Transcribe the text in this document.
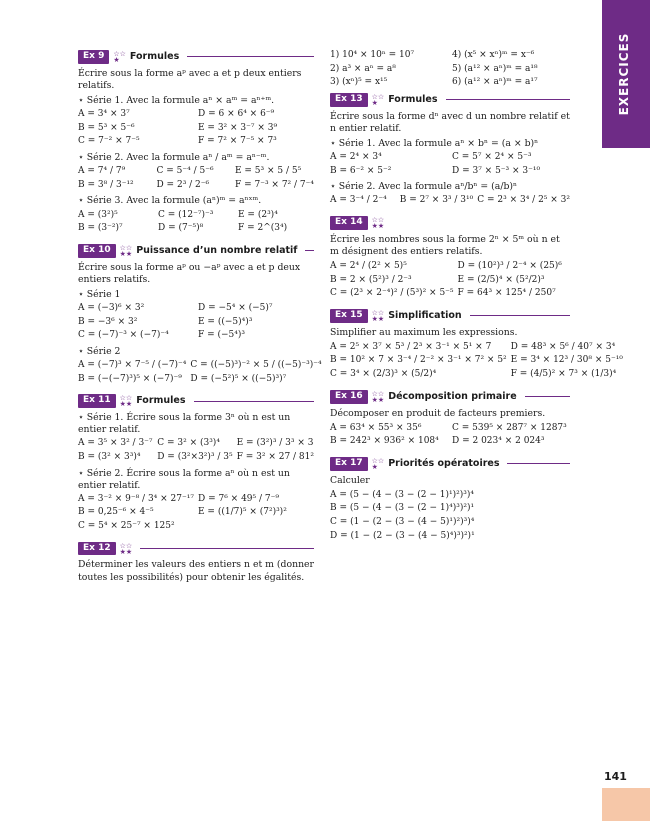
EXERCICES
Ex 9	☆☆
★	Formules
Écrire sous la forme aᵖ avec a et p deux entiers relatifs.
⋆ Série 1. Avec la formule aⁿ × aᵐ = aⁿ⁺ᵐ.
A = 3⁴ × 3⁷	D = 6 × 6⁴ × 6⁻⁹
B = 5³ × 5⁻⁶	E = 3² × 3⁻⁷ × 3⁹
C = 7⁻² × 7⁻⁵	F = 7² × 7⁻⁵ × 7³
⋆ Série 2. Avec la formule aⁿ / aᵐ = aⁿ⁻ᵐ.
A = 7⁴ / 7⁹	C = 5⁻⁴ / 5⁻⁶	E = 5³ × 5 / 5⁵
B = 3⁸ / 3⁻¹²	D = 2³ / 2⁻⁶	F = 7⁻³ × 7² / 7⁻⁴
⋆ Série 3. Avec la formule (aⁿ)ᵐ = aⁿˣᵐ.
A = (3²)⁵	C = (12⁻⁷)⁻³	E = (2³)⁴
B = (3⁻²)⁷	D = (7⁻⁵)⁸	F = 2^(3⁴)
Ex 10	☆☆
★★ Puissance d’un nombre relatif
Écrire sous la forme aᵖ ou −aᵖ avec a et p deux entiers relatifs.
⋆ Série 1
A = (−3)⁶ × 3²	D = −5⁴ × (−5)⁷
B = −3⁶ × 3²	E = ((−5)⁴)³
C = (−7)⁻³ × (−7)⁻⁴	F = (−5⁴)³
⋆ Série 2
A = (−7)³ × 7⁻⁵ / (−7)⁻⁴ C = ((−5)³)⁻² × 5 / ((−5)⁻³)⁻⁴
B = (−(−7)³)⁵ × (−7)⁻⁹ D = (−5²)⁵ × ((−5)³)⁷
Ex 11	☆☆
★★ Formules
⋆ Série 1. Écrire sous la forme 3ⁿ où n est un entier relatif.
A = 3⁵ × 3² / 3⁻⁷ C = 3² × (3³)⁴	E = (3²)³ / 3³ × 3
B = (3² × 3³)⁴	D = (3²×3²)³ / 3⁵ F = 3² × 27 / 81²
⋆ Série 2. Écrire sous la forme aⁿ où n est un entier relatif.
A = 3⁻² × 9⁻⁸ / 3⁴ × 27⁻¹⁷ D = 7⁶ × 49⁵ / 7⁻⁹
B = 0,25⁻⁶ × 4⁻⁵	E = ((1/7)⁵ × (7²)³)²
C = 5⁴ × 25⁻⁷ × 125²
Ex 12	☆☆
★★
Déterminer les valeurs des entiers n et m (donner toutes les possibilités) pour obtenir les égalités.
1) 10⁴ × 10ⁿ = 10⁷	4) (x⁵ × xⁿ)ᵐ = x⁻⁶
2) a³ × aⁿ = a⁸	5) (a¹² × aⁿ)ᵐ = a¹⁸
3) (xⁿ)⁵ = x¹⁵	6) (a¹² × aⁿ)ᵐ = a¹⁷
Ex 13	☆☆
★	Formules
Écrire sous la forme dⁿ avec d un nombre relatif et n entier relatif.
⋆ Série 1. Avec la formule aⁿ × bⁿ = (a × b)ⁿ
A = 2⁴ × 3⁴	C = 5⁷ × 2⁴ × 5⁻³
B = 6⁻² × 5⁻²	D = 3⁷ × 5⁻³ × 3⁻¹⁰
⋆ Série 2. Avec la formule aⁿ/bⁿ = (a/b)ⁿ
A = 3⁻⁴ / 2⁻⁴	B = 2⁷ × 3³ / 3¹⁰ C = 2³ × 3⁴ / 2⁵ × 3²
Ex 14	☆☆
★★
Écrire les nombres sous la forme 2ⁿ × 5ᵐ où n et m désignent des entiers relatifs.
A = 2⁴ / (2² × 5)⁵	D = (10²)³ / 2⁻⁴ × (25)⁶
B = 2 × (5²)³ / 2⁻³	E = (2/5)⁴ × (5²/2)³
C = (2³ × 2⁻⁴)² / (5³)² × 5⁻⁵ F = 64³ × 125⁴ / 250⁷
Ex 15	☆☆
★★ Simplification
Simplifier au maximum les expressions.
A = 2⁵ × 3⁷ × 5³ / 2³ × 3⁻¹ × 5¹ × 7	D = 48³ × 5⁶ / 40⁷ × 3⁴
B = 10² × 7 × 3⁻⁴ / 2⁻² × 3⁻¹ × 7² × 5² E = 3⁴ × 12³ / 30⁸ × 5⁻¹⁰
C = 3⁴ × (2/3)³ × (5/2)⁴	F = (4/5)² × 7³ × (1/3)⁴
Ex 16	☆☆
★★ Décomposition primaire
Décomposer en produit de facteurs premiers.
A = 63⁴ × 55³ × 35⁶	C = 539⁵ × 287⁷ × 1287³
B = 242³ × 936² × 108⁴	D = 2 023⁴ × 2 024³
Ex 17	☆☆
★	Priorités opératoires
Calculer
A = (5 − (4 − (3 − (2 − 1)¹)²)³)⁴
B = (5 − (4 − (3 − (2 − 1)⁴)³)²)¹
C = (1 − (2 − (3 − (4 − 5)¹)²)³)⁴
D = (1 − (2 − (3 − (4 − 5)⁴)³)²)¹
141
